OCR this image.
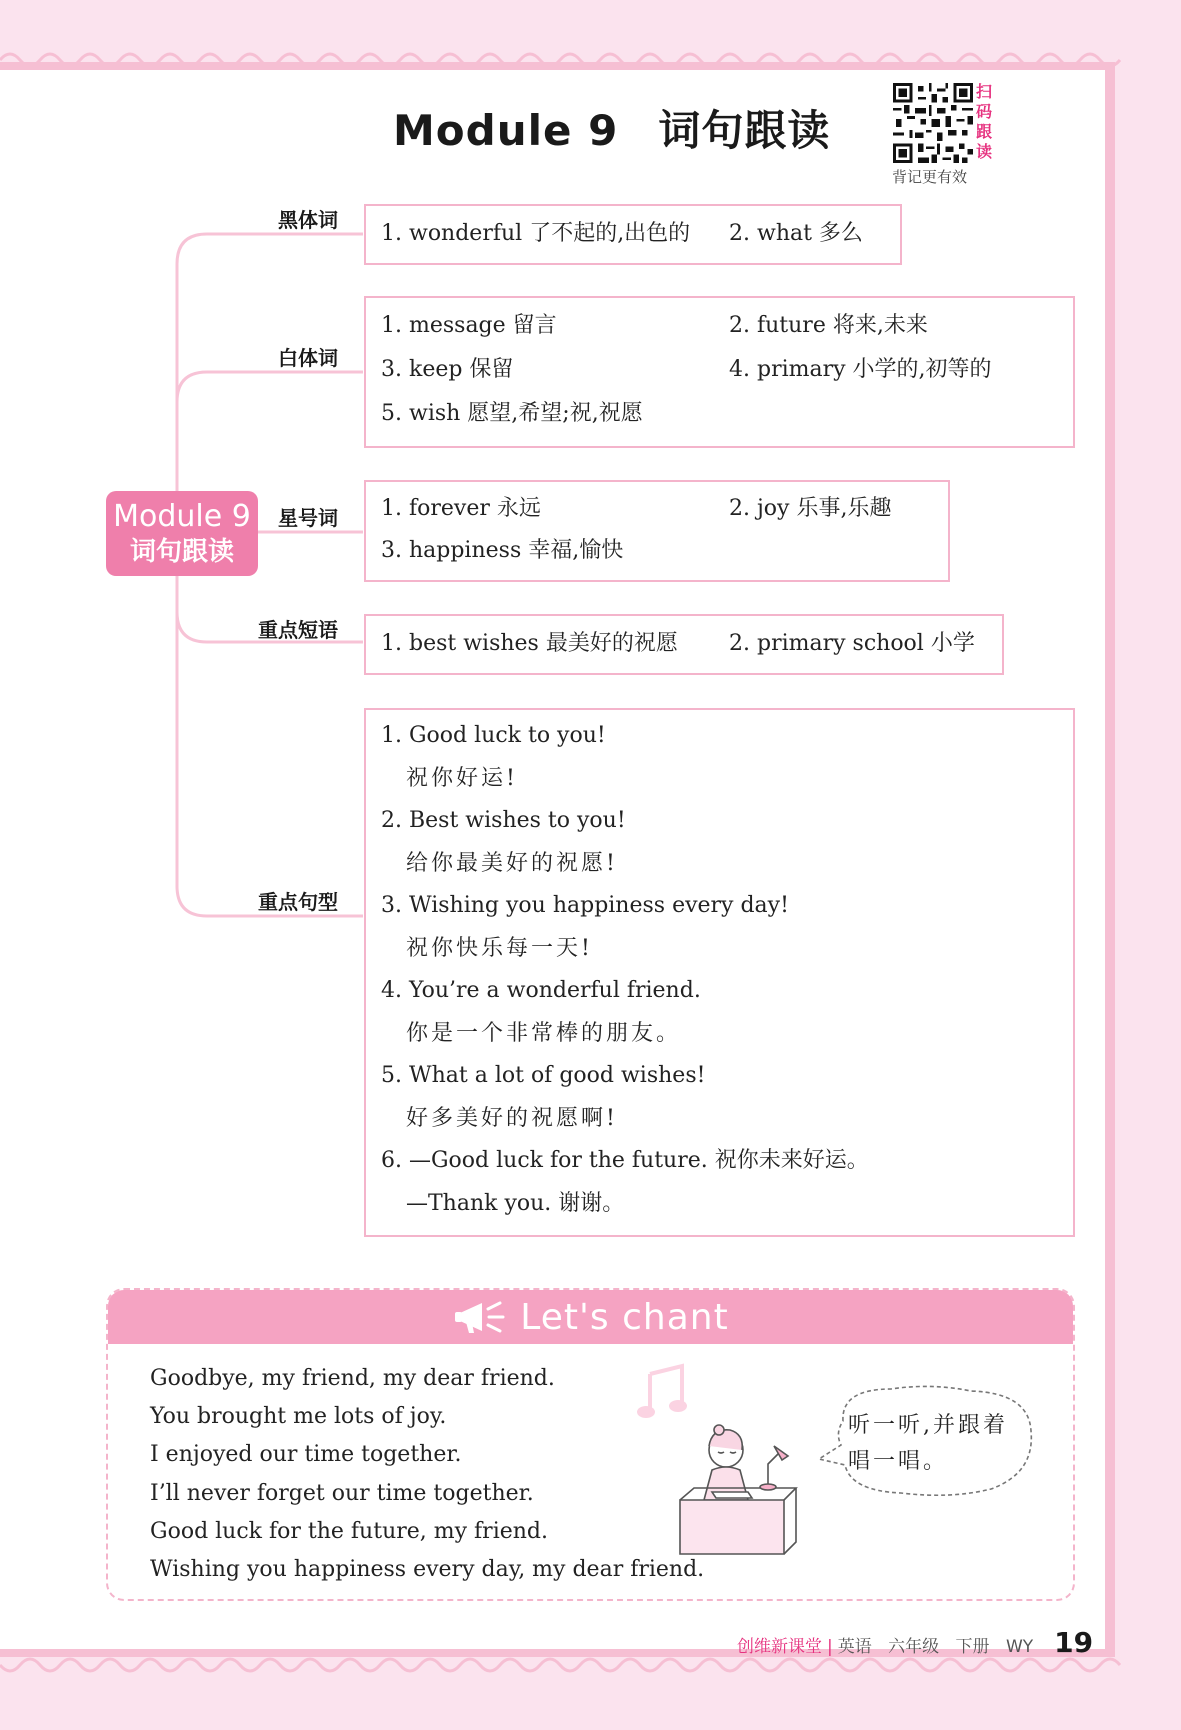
Module 9 词句跟读
扫
码
跟
读
背记更有效
Module 9
词句跟读
黑体词
白体词
星号词
重点短语
重点句型
1. wonderful 了不起的,出色的	2. what 多么
1. message 留言	2. future 将来,未来
3. keep 保留	4. primary 小学的,初等的
5. wish 愿望,希望;祝,祝愿
1. forever 永远	2. joy 乐事,乐趣
3. happiness 幸福,愉快
1. best wishes 最美好的祝愿	2. primary school 小学
1. Good luck to you!
祝你好运!
2. Best wishes to you!
给你最美好的祝愿!
3. Wishing you happiness every day!
祝你快乐每一天!
4. You’re a wonderful friend.
你是一个非常棒的朋友。
5. What a lot of good wishes!
好多美好的祝愿啊!
6. —Good luck for the future. 祝你未来好运。
—Thank you. 谢谢。
Let's chant
Goodbye, my friend, my dear friend.
You brought me lots of joy.
I enjoyed our time together.
I’ll never forget our time together.
Good luck for the future, my friend.
Wishing you happiness every day, my dear friend.
听一听,并跟着
唱一唱。
创维新课堂 | 英语 六年级 下册 WY 19
